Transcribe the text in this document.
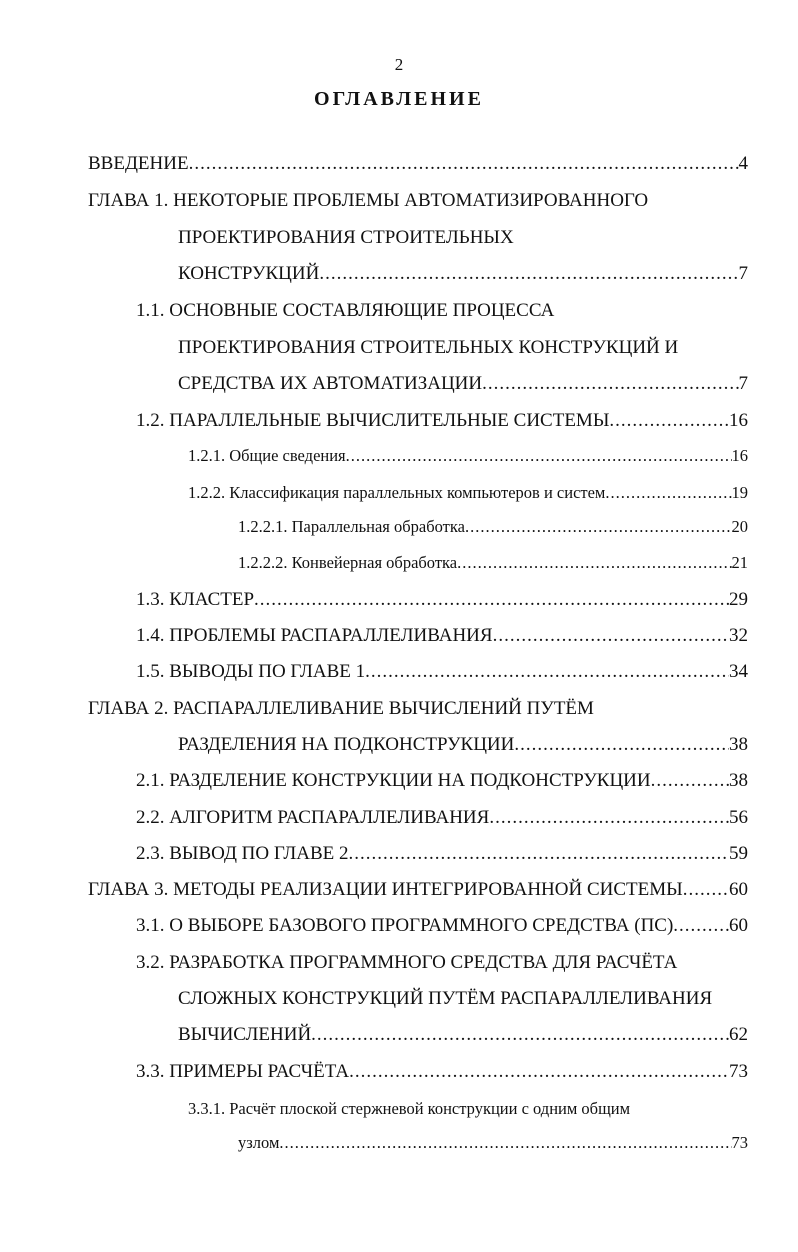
2
ОГЛАВЛЕНИЕ
ВВЕДЕНИЕ .....	4
ГЛАВА 1. НЕКОТОРЫЕ ПРОБЛЕМЫ АВТОМАТИЗИРОВАННОГО
ПРОЕКТИРОВАНИЯ СТРОИТЕЛЬНЫХ
КОНСТРУКЦИЙ .....	7
1.1. ОСНОВНЫЕ СОСТАВЛЯЮЩИЕ ПРОЦЕССА
ПРОЕКТИРОВАНИЯ СТРОИТЕЛЬНЫХ КОНСТРУКЦИЙ И
СРЕДСТВА ИХ АВТОМАТИЗАЦИИ .....	7
1.2. ПАРАЛЛЕЛЬНЫЕ ВЫЧИСЛИТЕЛЬНЫЕ СИСТЕМЫ .....	16
1.2.1. Общие сведения .....	16
1.2.2. Классификация параллельных компьютеров и систем .....	19
1.2.2.1. Параллельная обработка .....	20
1.2.2.2. Конвейерная обработка .....	21
1.3. КЛАСТЕР .....	29
1.4. ПРОБЛЕМЫ РАСПАРАЛЛЕЛИВАНИЯ .....	32
1.5. ВЫВОДЫ ПО ГЛАВЕ 1 .....	34
ГЛАВА 2. РАСПАРАЛЛЕЛИВАНИЕ ВЫЧИСЛЕНИЙ ПУТЁМ
РАЗДЕЛЕНИЯ НА ПОДКОНСТРУКЦИИ .....	38
2.1. РАЗДЕЛЕНИЕ КОНСТРУКЦИИ НА ПОДКОНСТРУКЦИИ .....	38
2.2. АЛГОРИТМ РАСПАРАЛЛЕЛИВАНИЯ .....	56
2.3. ВЫВОД ПО ГЛАВЕ 2 .....	59
ГЛАВА 3. МЕТОДЫ РЕАЛИЗАЦИИ ИНТЕГРИРОВАННОЙ СИСТЕМЫ ..... 60
3.1. О ВЫБОРЕ БАЗОВОГО ПРОГРАММНОГО СРЕДСТВА (ПС) .....	60
3.2. РАЗРАБОТКА ПРОГРАММНОГО СРЕДСТВА ДЛЯ РАСЧЁТА
СЛОЖНЫХ КОНСТРУКЦИЙ ПУТЁМ РАСПАРАЛЛЕЛИВАНИЯ
ВЫЧИСЛЕНИЙ .....	62
3.3. ПРИМЕРЫ РАСЧЁТА .....	73
3.3.1. Расчёт плоской стержневой конструкции с одним общим
узлом .....	73
